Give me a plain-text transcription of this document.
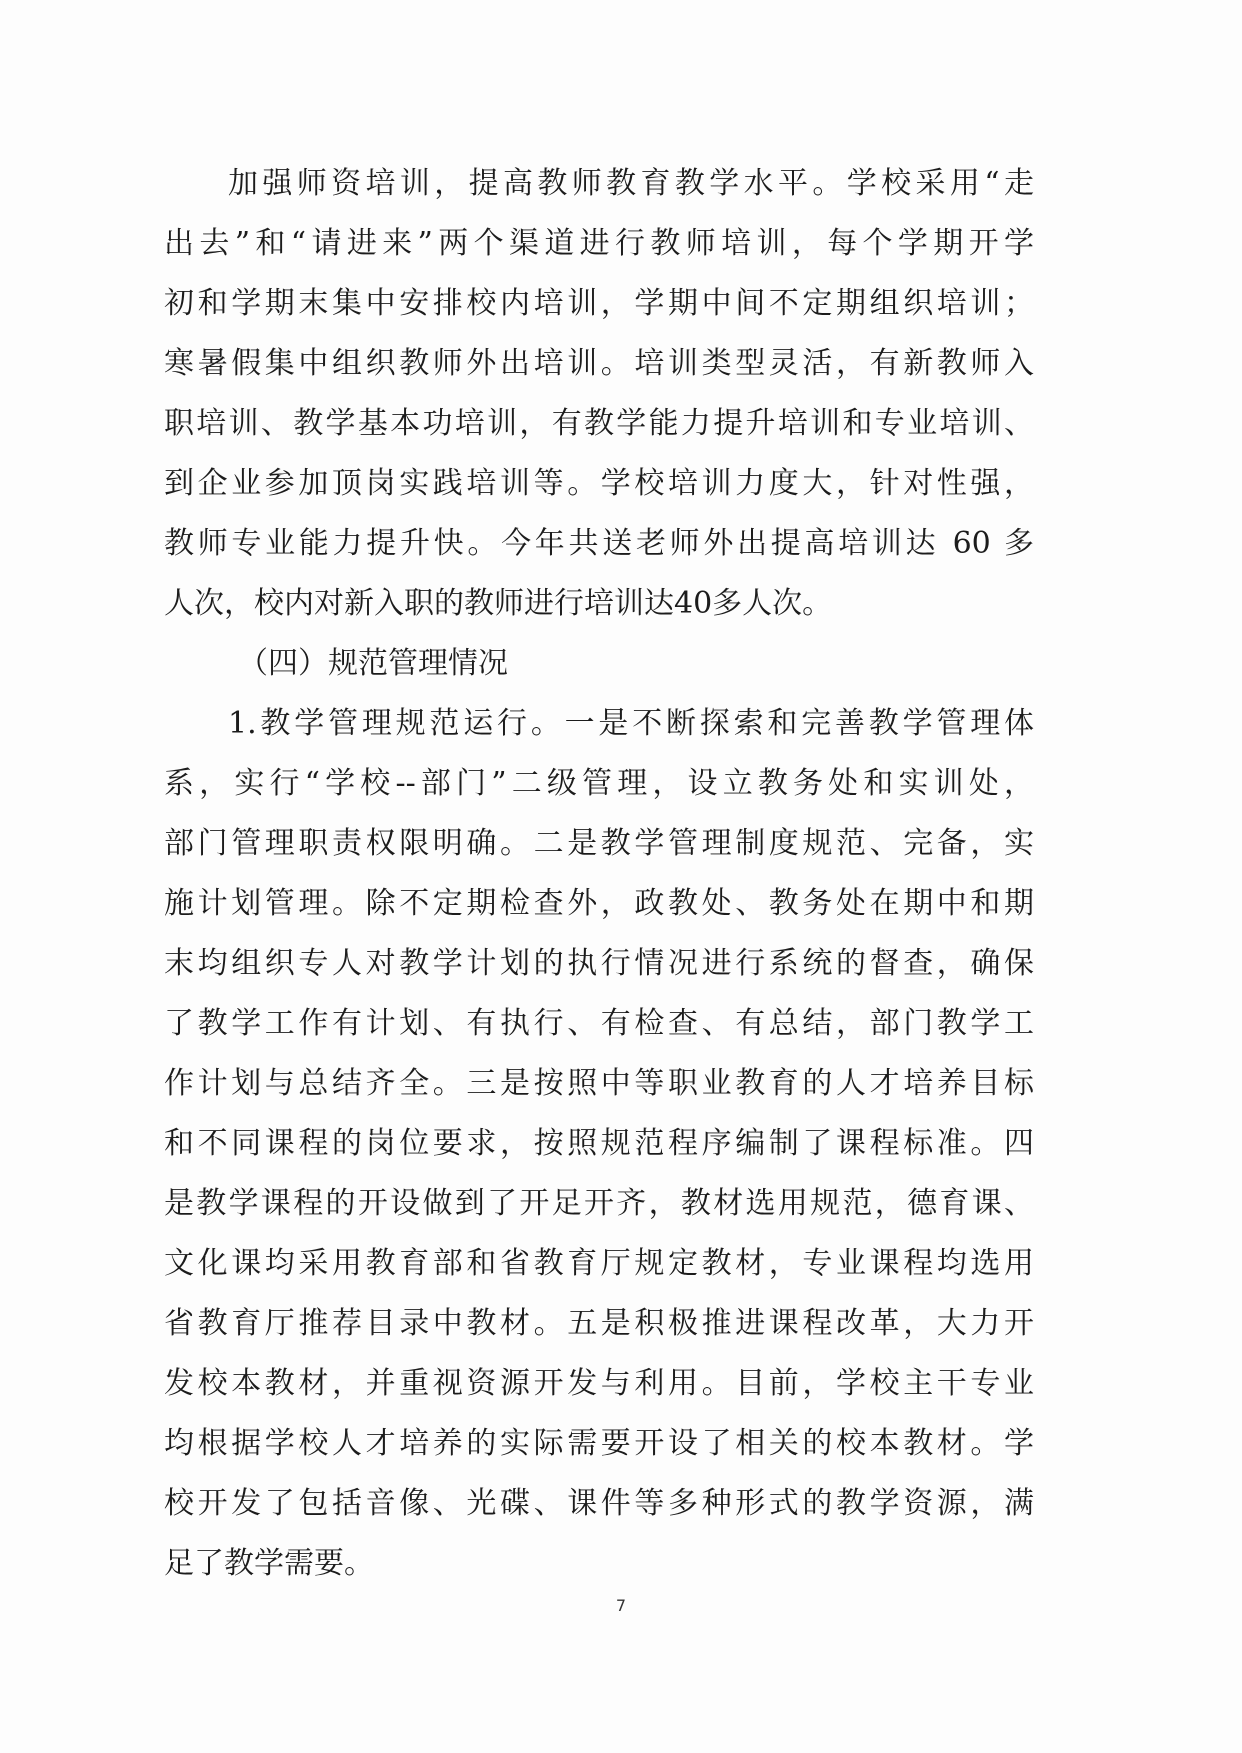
加强师资培训，提高教师教育教学水平。学校采用“走
出去”和“请进来”两个渠道进行教师培训，每个学期开学
初和学期末集中安排校内培训，学期中间不定期组织培训；
寒暑假集中组织教师外出培训。培训类型灵活，有新教师入
职培训、教学基本功培训，有教学能力提升培训和专业培训、
到企业参加顶岗实践培训等。学校培训力度大，针对性强，
教师专业能力提升快。今年共送老师外出提高培训达 60 多
人次，校内对新入职的教师进行培训达40多人次。
（四）规范管理情况
1.教学管理规范运行。一是不断探索和完善教学管理体
系，实行“学校--部门”二级管理，设立教务处和实训处，
部门管理职责权限明确。二是教学管理制度规范、完备，实
施计划管理。除不定期检查外，政教处、教务处在期中和期
末均组织专人对教学计划的执行情况进行系统的督查，确保
了教学工作有计划、有执行、有检查、有总结，部门教学工
作计划与总结齐全。三是按照中等职业教育的人才培养目标
和不同课程的岗位要求，按照规范程序编制了课程标准。四
是教学课程的开设做到了开足开齐，教材选用规范，德育课、
文化课均采用教育部和省教育厅规定教材，专业课程均选用
省教育厅推荐目录中教材。五是积极推进课程改革，大力开
发校本教材，并重视资源开发与利用。目前，学校主干专业
均根据学校人才培养的实际需要开设了相关的校本教材。学
校开发了包括音像、光碟、课件等多种形式的教学资源，满
足了教学需要。
7
